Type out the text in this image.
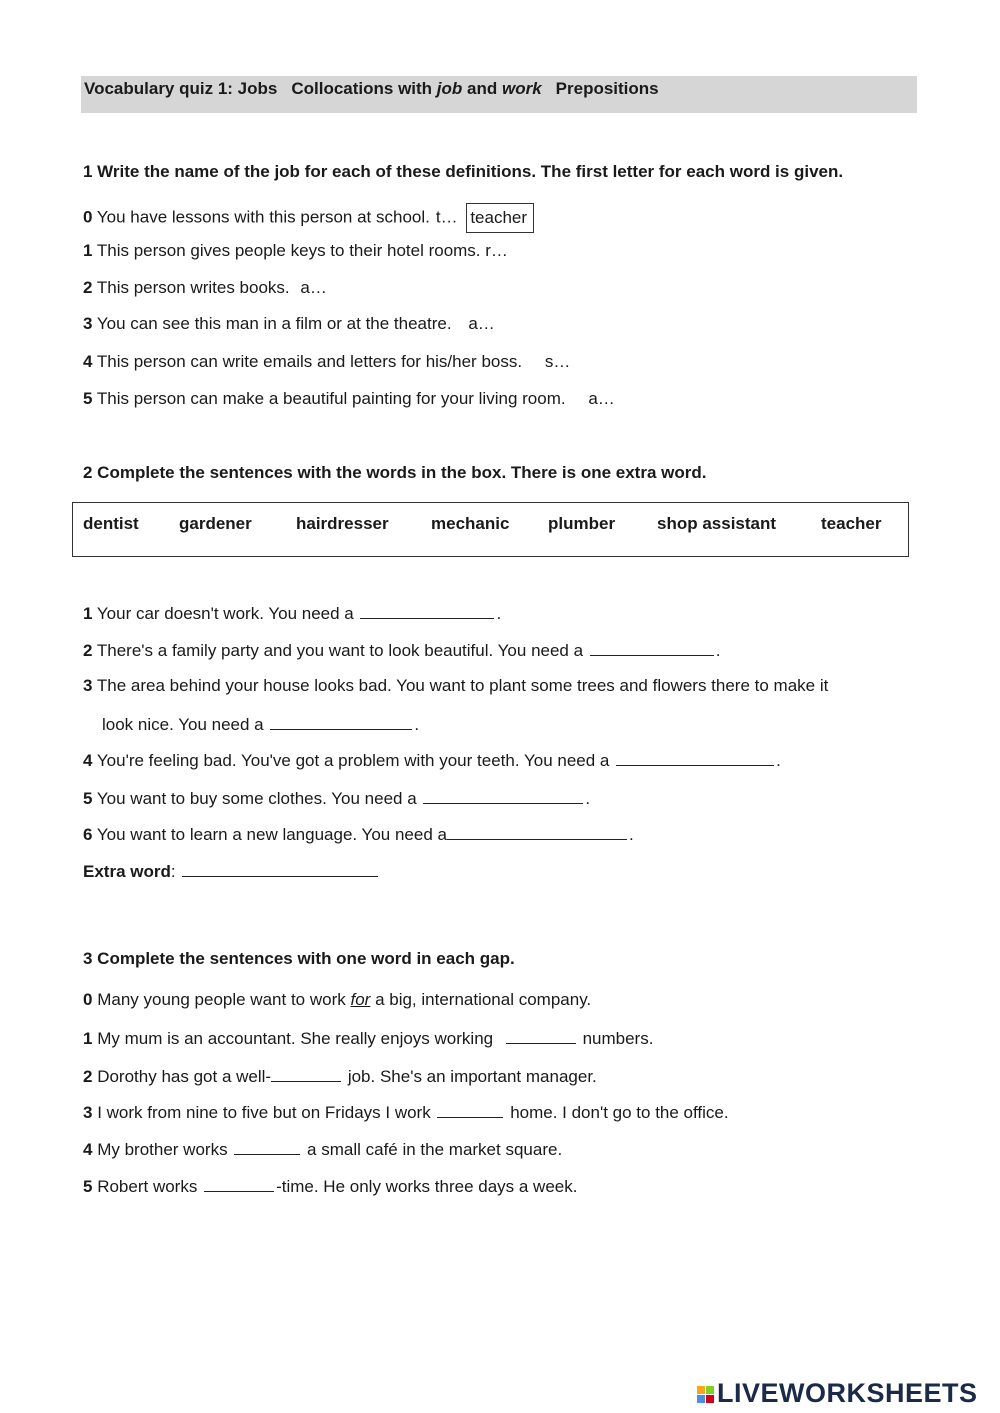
Vocabulary quiz 1: Jobs Collocations with job and work Prepositions
1 Write the name of the job for each of these definitions. The first letter for each word is given.
0 You have lessons with this person at school. t… teacher
1 This person gives people keys to their hotel rooms. r…
2 This person writes books. a…
3 You can see this man in a film or at the theatre. a…
4 This person can write emails and letters for his/her boss. s…
5 This person can make a beautiful painting for your living room. a…
2 Complete the sentences with the words in the box. There is one extra word.
dentist gardener	hairdresser mechanic plumber shop assistant	teacher
1 Your car doesn't work. You need a	.
2 There's a family party and you want to look beautiful. You need a	.
3 The area behind your house looks bad. You want to plant some trees and flowers there to make it
look nice. You need a	.
4 You're feeling bad. You've got a problem with your teeth. You need a	.
5 You want to buy some clothes. You need a	.
6 You want to learn a new language. You need a	.
Extra word:
3 Complete the sentences with one word in each gap.
0 Many young people want to work for a big, international company.
1 My mum is an accountant. She really enjoys working	numbers.
2 Dorothy has got a well-	job. She's an important manager.
3 I work from nine to five but on Fridays I work	home. I don't go to the office.
4 My brother works	a small café in the market square.
5 Robert works	-time. He only works three days a week.
LIVEWORKSHEETS
